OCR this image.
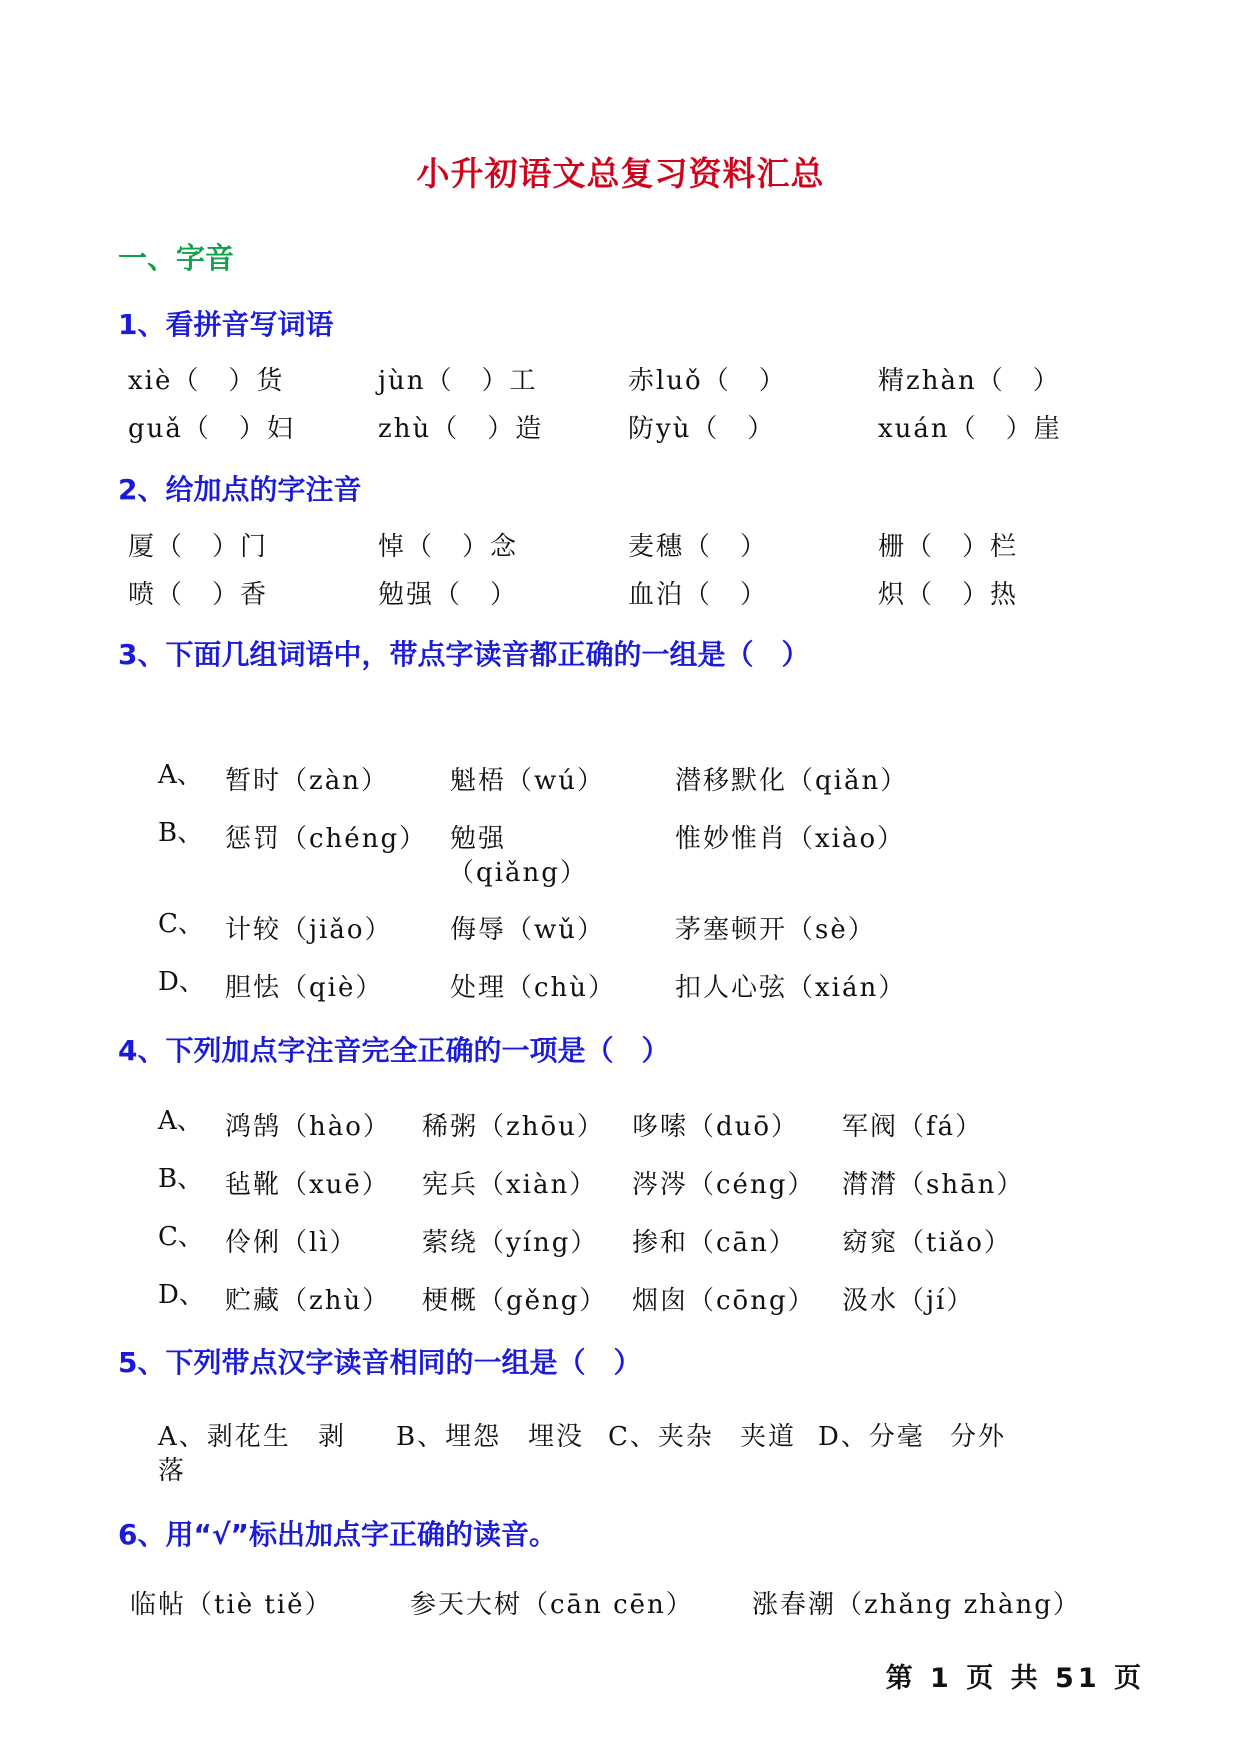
小升初语文总复习资料汇总
一、字音
1、看拼音写词语
xiè（　）货	jùn（　）工	赤luǒ（　）	精zhàn（　）
guǎ（　）妇	zhù（　）造	防yù（　）	xuán（　）崖
2、给加点的字注音
厦（　）门	悼（　）念	麦穗（　）	栅（　）栏
喷（　）香	勉强（　）	血泊（　）	炽（　）热
3、下面几组词语中，带点字读音都正确的一组是（　）
A、 暂时（zàn） 魁梧（wú）	潜移默化（qiǎn）
B、 惩罚（chéng） 勉强	惟妙惟肖（xiào）
（qiǎng）
C、 计较（jiǎo） 侮辱（wǔ）	茅塞顿开（sè）
D、 胆怯（qiè）	处理（chù） 扣人心弦（xián）
4、下列加点字注音完全正确的一项是（　）
A、 鸿鹄（hào） 稀粥（zhōu） 哆嗦（duō） 军阀（fá）
B、 毡靴（xuē） 宪兵（xiàn） 涔涔（céng） 潸潸（shān）
C、 伶俐（lì） 萦绕（yíng） 掺和（cān） 窈窕（tiǎo）
D、 贮藏（zhù） 梗概（gěng） 烟囱（cōng） 汲水（jí）
5、下列带点汉字读音相同的一组是（　）
A、剥花生 剥 B、埋怨 埋没 C、夹杂 夹道 D、分毫 分外
落
6、用“√”标出加点字正确的读音。
临帖（tiè tiě）	参天大树（cān cēn） 涨春潮（zhǎng zhàng）
第 1 页 共 51 页
